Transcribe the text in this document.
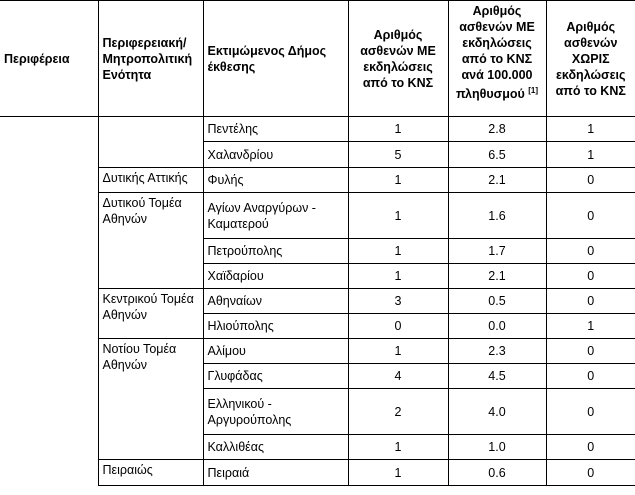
Περιφέρεια	Περιφερειακή/ Μητροπολιτική Ενότητα	Εκτιμώμενος Δήμος έκθεσης	Αριθμός ασθενών ΜΕ εκδηλώσεις από το ΚΝΣ	Αριθμός ασθενών ΜΕ εκδηλώσεις από το ΚΝΣ ανά 100.000 πληθυσμού [1]	Αριθμός ασθενών ΧΩΡΙΣ εκδηλώσεις από το ΚΝΣ
		Πεντέλης	1	2.8	1
		Χαλανδρίου	5	6.5	1
	Δυτικής Αττικής	Φυλής	1	2.1	0
	Δυτικού Τομέα Αθηνών	Αγίων Αναργύρων - Καματερού	1	1.6	0
		Πετρούπολης	1	1.7	0
		Χαϊδαρίου	1	2.1	0
	Κεντρικού Τομέα Αθηνών	Αθηναίων	3	0.5	0
		Ηλιούπολης	0	0.0	1
	Νοτίου Τομέα Αθηνών	Αλίμου	1	2.3	0
		Γλυφάδας	4	4.5	0
		Ελληνικού - Αργυρούπολης	2	4.0	0
		Καλλιθέας	1	1.0	0
	Πειραιώς	Πειραιά	1	0.6	0
